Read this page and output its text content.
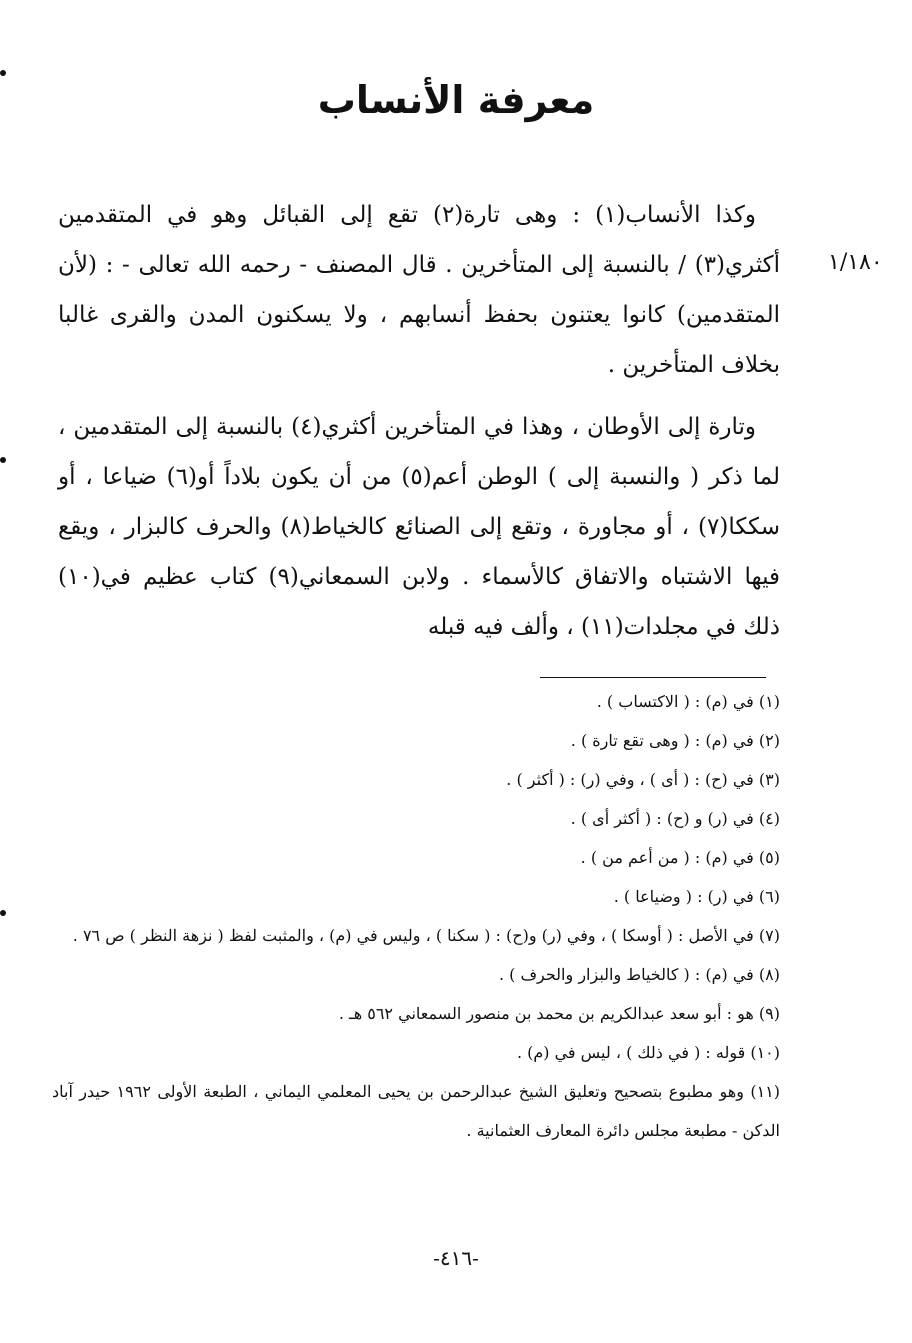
معرفة الأنساب
١/١٨٠

وكذا الأنساب(١) : وهى تارة(٢) تقع إلى القبائل وهو في المتقدمين أكثري(٣) / بالنسبة إلى المتأخرين . قال المصنف - رحمه الله تعالى - : (لأن المتقدمين) كانوا يعتنون بحفظ أنسابهم ، ولا يسكنون المدن والقرى غالبا بخلاف المتأخرين .

وتارة إلى الأوطان ، وهذا في المتأخرين أكثري(٤) بالنسبة إلى المتقدمين ، لما ذكر ( والنسبة إلى ) الوطن أعم(٥) من أن يكون بلاداً أو(٦) ضياعا ، أو سككا(٧) ، أو مجاورة ، وتقع إلى الصنائع كالخياط(٨) والحرف كالبزار ، ويقع فيها الاشتباه والاتفاق كالأسماء . ولابن السمعاني(٩) كتاب عظيم في(١٠) ذلك في مجلدات(١١) ، وألف فيه قبله

(١) في (م) : ( الاكتساب ) .

(٢) في (م) : ( وهى تقع تارة ) .

(٣) في (ح) : ( أى ) ، وفي (ر) : ( أكثر ) .

(٤) في (ر) و (ح) : ( أكثر أى ) .

(٥) في (م) : ( من أعم من ) .

(٦) في (ر) : ( وضياعا ) .

(٧) في الأصل : ( أوسكا ) ، وفي (ر) و(ح) : ( سكنا ) ، وليس في (م) ، والمثبت لفظ ( نزهة النظر ) ص ٧٦ .

(٨) في (م) : ( كالخياط والبزار والحرف ) .

(٩) هو : أبو سعد عبدالكريم بن محمد بن منصور السمعاني ٥٦٢ هـ .

(١٠) قوله : ( في ذلك ) ، ليس في (م) .

(١١) وهو مطبوع بتصحيح وتعليق الشيخ عبدالرحمن بن يحيى المعلمي اليماني ، الطبعة الأولى ١٩٦٢ حيدر آباد الدكن - مطبعة مجلس دائرة المعارف العثمانية .

-٤١٦-
